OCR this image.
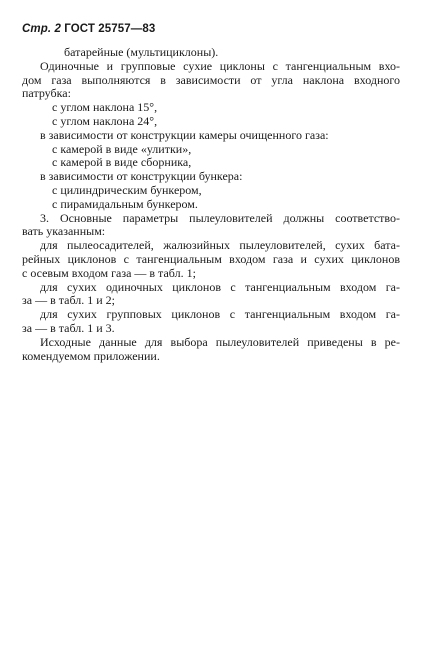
Стр. 2 ГОСТ 25757—83
батарейные (мультициклоны).
Одиночные и групповые сухие циклоны с тангенциальным вхо-
дом газа выполняются в зависимости от угла наклона входного
патрубка:
с углом наклона 15°,
с углом наклона 24°,
в зависимости от конструкции камеры очищенного газа:
с камерой в виде «улитки»,
с камерой в виде сборника,
в зависимости от конструкции бункера:
с цилиндрическим бункером,
с пирамидальным бункером.
3. Основные параметры пылеуловителей должны соответство-
вать указанным:
для пылеосадителей, жалюзийных пылеуловителей, сухих бата-
рейных циклонов с тангенциальным входом газа и сухих циклонов
с осевым входом газа — в табл. 1;
для сухих одиночных циклонов с тангенциальным входом га-
за — в табл. 1 и 2;
для сухих групповых циклонов с тангенциальным входом га-
за — в табл. 1 и 3.
Исходные данные для выбора пылеуловителей приведены в ре-
комендуемом приложении.
